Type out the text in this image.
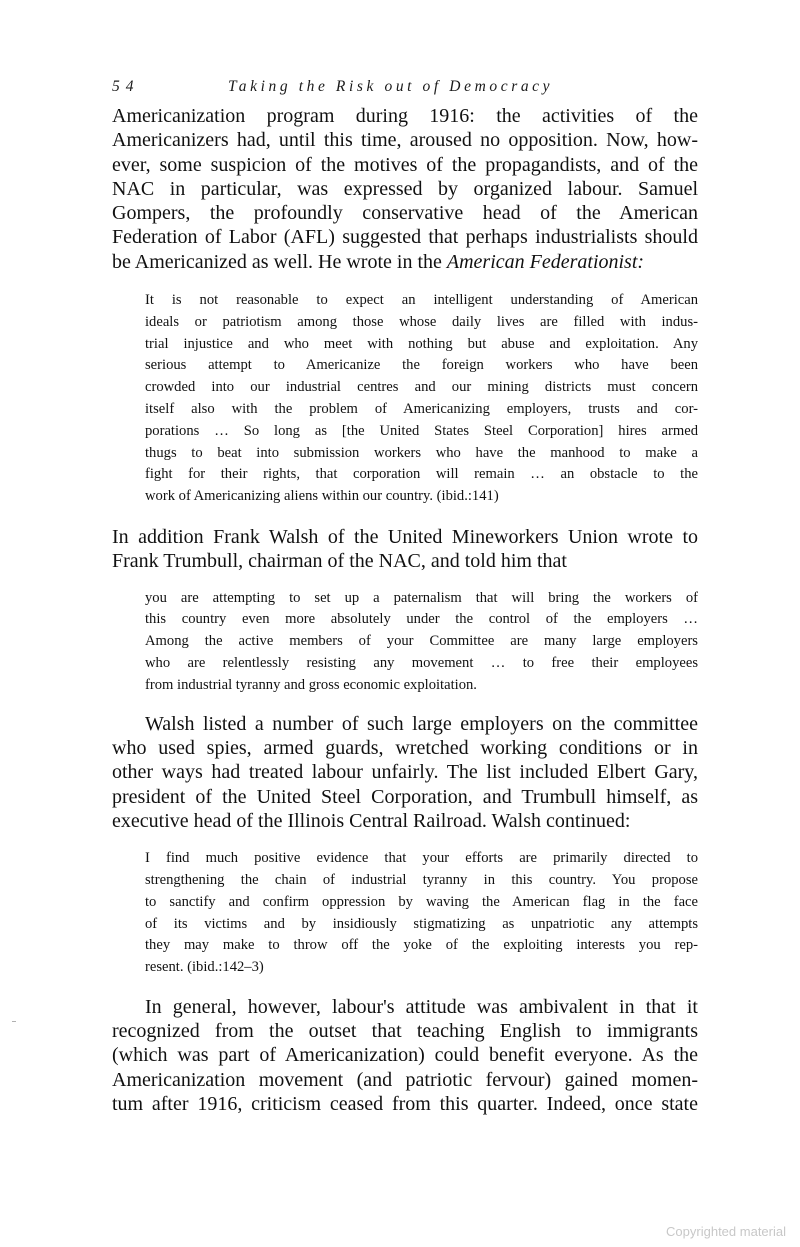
54	Taking the Risk out of Democracy
Americanization program during 1916: the activities of the
Americanizers had, until this time, aroused no opposition. Now, how-
ever, some suspicion of the motives of the propagandists, and of the
NAC in particular, was expressed by organized labour. Samuel
Gompers, the profoundly conservative head of the American
Federation of Labor (AFL) suggested that perhaps industrialists should
be Americanized as well. He wrote in the American Federationist:
It is not reasonable to expect an intelligent understanding of American
ideals or patriotism among those whose daily lives are filled with indus-
trial injustice and who meet with nothing but abuse and exploitation. Any
serious attempt to Americanize the foreign workers who have been
crowded into our industrial centres and our mining districts must concern
itself also with the problem of Americanizing employers, trusts and cor-
porations … So long as [the United States Steel Corporation] hires armed
thugs to beat into submission workers who have the manhood to make a
fight for their rights, that corporation will remain … an obstacle to the
work of Americanizing aliens within our country. (ibid.:141)
In addition Frank Walsh of the United Mineworkers Union wrote to
Frank Trumbull, chairman of the NAC, and told him that
you are attempting to set up a paternalism that will bring the workers of
this country even more absolutely under the control of the employers …
Among the active members of your Committee are many large employers
who are relentlessly resisting any movement … to free their employees
from industrial tyranny and gross economic exploitation.
Walsh listed a number of such large employers on the committee
who used spies, armed guards, wretched working conditions or in
other ways had treated labour unfairly. The list included Elbert Gary,
president of the United Steel Corporation, and Trumbull himself, as
executive head of the Illinois Central Railroad. Walsh continued:
I find much positive evidence that your efforts are primarily directed to
strengthening the chain of industrial tyranny in this country. You propose
to sanctify and confirm oppression by waving the American flag in the face
of its victims and by insidiously stigmatizing as unpatriotic any attempts
they may make to throw off the yoke of the exploiting interests you rep-
resent. (ibid.:142–3)
In general, however, labour's attitude was ambivalent in that it
recognized from the outset that teaching English to immigrants
(which was part of Americanization) could benefit everyone. As the
Americanization movement (and patriotic fervour) gained momen-
tum after 1916, criticism ceased from this quarter. Indeed, once state
Copyrighted material
